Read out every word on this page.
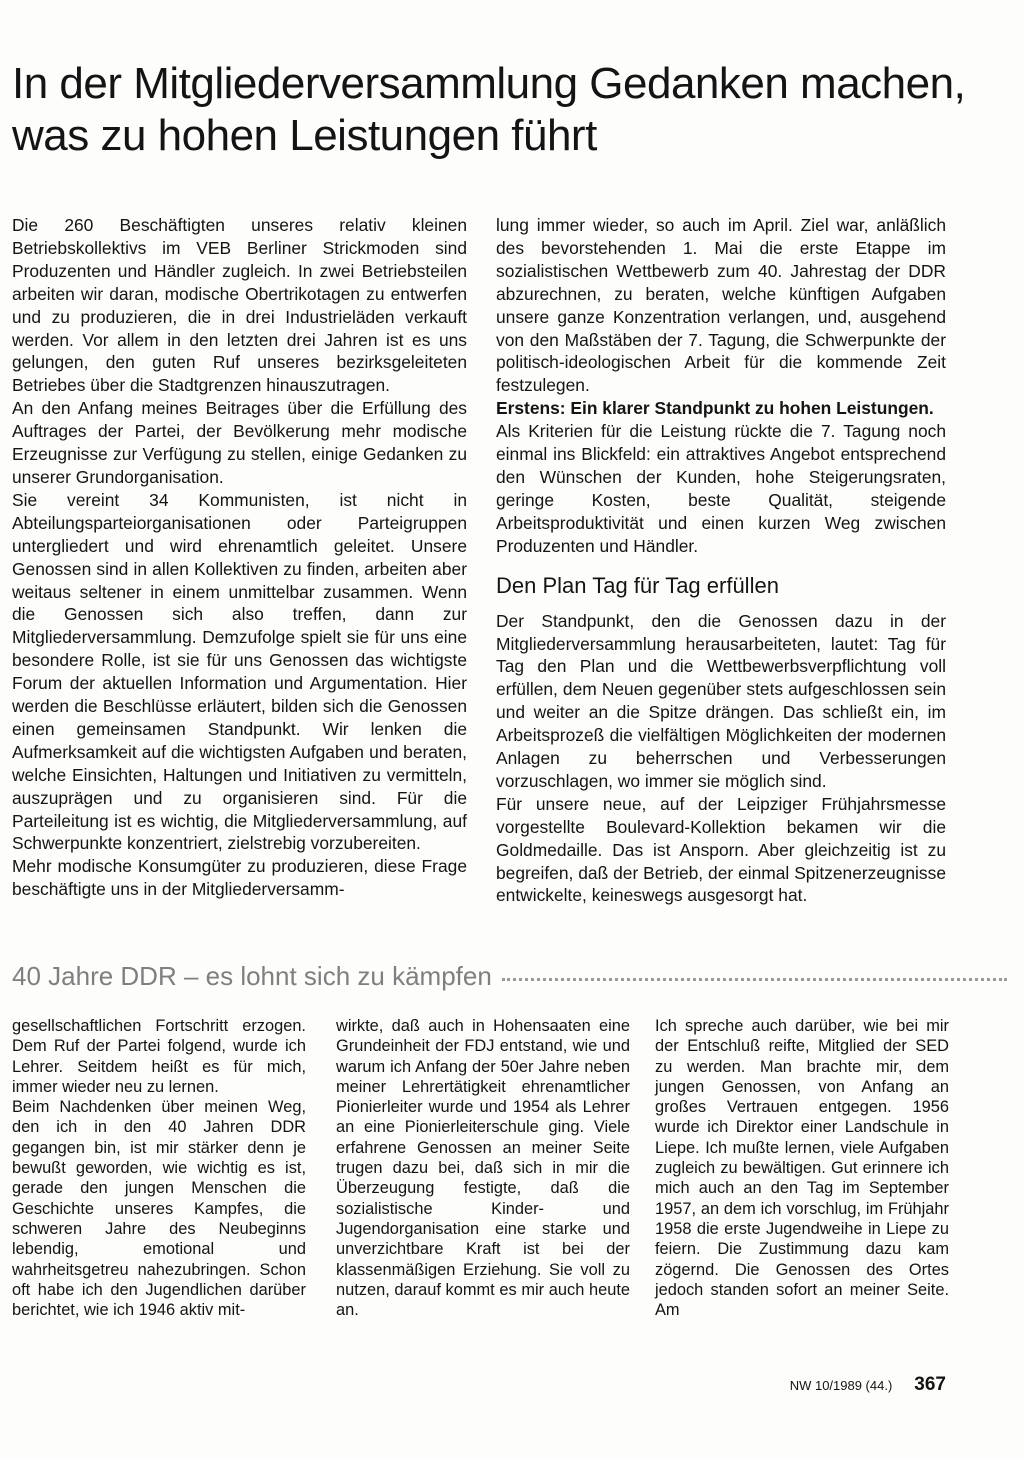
In der Mitgliederversammlung Gedanken machen, was zu hohen Leistungen führt

Die 260 Beschäftigten unseres relativ kleinen Betriebskollektivs im VEB Berliner Strickmoden sind Produzenten und Händler zugleich. In zwei Betriebsteilen arbeiten wir daran, modische Obertrikotagen zu entwerfen und zu produzieren, die in drei Industrieläden verkauft werden. Vor allem in den letzten drei Jahren ist es uns gelungen, den guten Ruf unseres bezirksgeleiteten Betriebes über die Stadtgrenzen hinauszutragen.

An den Anfang meines Beitrages über die Erfüllung des Auftrages der Partei, der Bevölkerung mehr modische Erzeugnisse zur Verfügung zu stellen, einige Gedanken zu unserer Grundorganisation.

Sie vereint 34 Kommunisten, ist nicht in Abteilungsparteiorganisationen oder Parteigruppen untergliedert und wird ehrenamtlich geleitet. Unsere Genossen sind in allen Kollektiven zu finden, arbeiten aber weitaus seltener in einem unmittelbar zusammen. Wenn die Genossen sich also treffen, dann zur Mitgliederversammlung. Demzufolge spielt sie für uns eine besondere Rolle, ist sie für uns Genossen das wichtigste Forum der aktuellen Information und Argumentation. Hier werden die Beschlüsse erläutert, bilden sich die Genossen einen gemeinsamen Standpunkt. Wir lenken die Aufmerksamkeit auf die wichtigsten Aufgaben und beraten, welche Einsichten, Haltungen und Initiativen zu vermitteln, auszuprägen und zu organisieren sind. Für die Parteileitung ist es wichtig, die Mitgliederversammlung, auf Schwerpunkte konzentriert, zielstrebig vorzubereiten.

Mehr modische Konsumgüter zu produzieren, diese Frage beschäftigte uns in der Mitgliederversamm-

lung immer wieder, so auch im April. Ziel war, anläßlich des bevorstehenden 1. Mai die erste Etappe im sozialistischen Wettbewerb zum 40. Jahrestag der DDR abzurechnen, zu beraten, welche künftigen Aufgaben unsere ganze Konzentration verlangen, und, ausgehend von den Maßstäben der 7. Tagung, die Schwerpunkte der politisch-ideologischen Arbeit für die kommende Zeit festzulegen.

Erstens: Ein klarer Standpunkt zu hohen Leistungen.

Als Kriterien für die Leistung rückte die 7. Tagung noch einmal ins Blickfeld: ein attraktives Angebot entsprechend den Wünschen der Kunden, hohe Steigerungsraten, geringe Kosten, beste Qualität, steigende Arbeitsproduktivität und einen kurzen Weg zwischen Produzenten und Händler.

Den Plan Tag für Tag erfüllen

Der Standpunkt, den die Genossen dazu in der Mitgliederversammlung herausarbeiteten, lautet: Tag für Tag den Plan und die Wettbewerbsverpflichtung voll erfüllen, dem Neuen gegenüber stets aufgeschlossen sein und weiter an die Spitze drängen. Das schließt ein, im Arbeitsprozeß die vielfältigen Möglichkeiten der modernen Anlagen zu beherrschen und Verbesserungen vorzuschlagen, wo immer sie möglich sind.

Für unsere neue, auf der Leipziger Frühjahrsmesse vorgestellte Boulevard-Kollektion bekamen wir die Goldmedaille. Das ist Ansporn. Aber gleichzeitig ist zu begreifen, daß der Betrieb, der einmal Spitzenerzeugnisse entwickelte, keineswegs ausgesorgt hat.

40 Jahre DDR – es lohnt sich zu kämpfen

gesellschaftlichen Fortschritt erzogen. Dem Ruf der Partei folgend, wurde ich Lehrer. Seitdem heißt es für mich, immer wieder neu zu lernen.

Beim Nachdenken über meinen Weg, den ich in den 40 Jahren DDR gegangen bin, ist mir stärker denn je bewußt geworden, wie wichtig es ist, gerade den jungen Menschen die Geschichte unseres Kampfes, die schweren Jahre des Neubeginns lebendig, emotional und wahrheitsgetreu nahezubringen. Schon oft habe ich den Jugendlichen darüber berichtet, wie ich 1946 aktiv mit-

wirkte, daß auch in Hohensaaten eine Grundeinheit der FDJ entstand, wie und warum ich Anfang der 50er Jahre neben meiner Lehrertätigkeit ehrenamtlicher Pionierleiter wurde und 1954 als Lehrer an eine Pionierleiterschule ging. Viele erfahrene Genossen an meiner Seite trugen dazu bei, daß sich in mir die Überzeugung festigte, daß die sozialistische Kinder- und Jugendorganisation eine starke und unverzichtbare Kraft ist bei der klassenmäßigen Erziehung. Sie voll zu nutzen, darauf kommt es mir auch heute an.

Ich spreche auch darüber, wie bei mir der Entschluß reifte, Mitglied der SED zu werden. Man brachte mir, dem jungen Genossen, von Anfang an großes Vertrauen entgegen. 1956 wurde ich Direktor einer Landschule in Liepe. Ich mußte lernen, viele Aufgaben zugleich zu bewältigen. Gut erinnere ich mich auch an den Tag im September 1957, an dem ich vorschlug, im Frühjahr 1958 die erste Jugendweihe in Liepe zu feiern. Die Zustimmung dazu kam zögernd. Die Genossen des Ortes jedoch standen sofort an meiner Seite. Am

NW 10/1989 (44.) 367
